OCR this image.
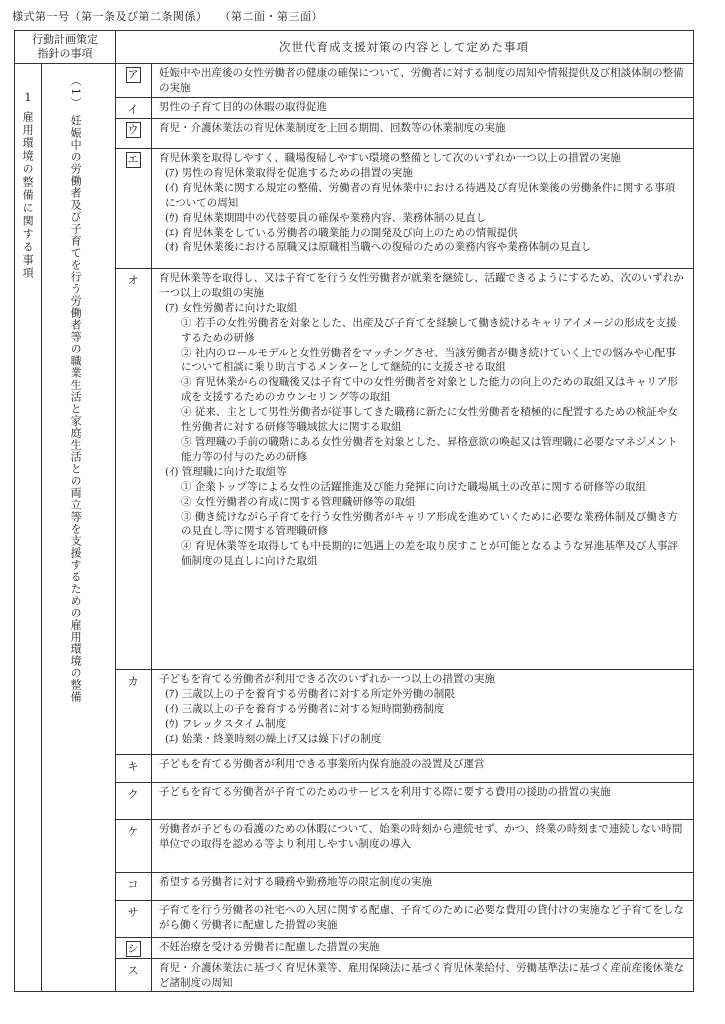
様式第一号（第一条及び第二条関係）　　（第二面・第三面）
行動計画策定
指針の事項	次世代育成支援対策の内容として定めた事項
1
雇用環境の整備に関する事項
（1）
妊娠中の労働者及び子育てを行う労働者等の職業生活と家庭生活との両立等を支援するための雇用環境の整備
ア
イ
ウ
エ
オ
カ
キ
ク
ケ
コ
サ
シ
ス

妊娠中や出産後の女性労働者の健康の確保について、労働者に対する制度の周知や情報提供及び相談体制の整備の実施

男性の子育て目的の休暇の取得促進

育児・介護休業法の育児休業制度を上回る期間、回数等の休業制度の実施

育児休業を取得しやすく、職場復帰しやすい環境の整備として次のいずれか一つ以上の措置の実施

(ｱ) 男性の育児休業取得を促進するための措置の実施

(ｲ) 育児休業に関する規定の整備、労働者の育児休業中における待遇及び育児休業後の労働条件に関する事項についての周知

(ｳ) 育児休業期間中の代替要員の確保や業務内容、業務体制の見直し

(ｴ) 育児休業をしている労働者の職業能力の開発及び向上のための情報提供

(ｵ) 育児休業後における原職又は原職相当職への復帰のための業務内容や業務体制の見直し

育児休業等を取得し、又は子育てを行う女性労働者が就業を継続し、活躍できるようにするため、次のいずれか一つ以上の取組の実施

(ｱ) 女性労働者に向けた取組

① 若手の女性労働者を対象とした、出産及び子育てを経験して働き続けるキャリアイメージの形成を支援するための研修

② 社内のロールモデルと女性労働者をマッチングさせ、当該労働者が働き続けていく上での悩みや心配事について相談に乗り助言するメンターとして継続的に支援させる取組

③ 育児休業からの復職後又は子育て中の女性労働者を対象とした能力の向上のための取組又はキャリア形成を支援するためのカウンセリング等の取組

④ 従来、主として男性労働者が従事してきた職務に新たに女性労働者を積極的に配置するための検証や女性労働者に対する研修等職域拡大に関する取組

⑤ 管理職の手前の職階にある女性労働者を対象とした、昇格意欲の喚起又は管理職に必要なマネジメント能力等の付与のための研修

(ｲ) 管理職に向けた取組等

① 企業トップ等による女性の活躍推進及び能力発揮に向けた職場風土の改革に関する研修等の取組

② 女性労働者の育成に関する管理職研修等の取組

③ 働き続けながら子育てを行う女性労働者がキャリア形成を進めていくために必要な業務体制及び働き方の見直し等に関する管理職研修

④ 育児休業等を取得しても中長期的に処遇上の差を取り戻すことが可能となるような昇進基準及び人事評価制度の見直しに向けた取組

子どもを育てる労働者が利用できる次のいずれか一つ以上の措置の実施

(ｱ) 三歳以上の子を養育する労働者に対する所定外労働の制限

(ｲ) 三歳以上の子を養育する労働者に対する短時間勤務制度

(ｳ) フレックスタイム制度

(ｴ) 始業・終業時刻の繰上げ又は繰下げの制度

子どもを育てる労働者が利用できる事業所内保育施設の設置及び運営

子どもを育てる労働者が子育てのためのサービスを利用する際に要する費用の援助の措置の実施

労働者が子どもの看護のための休暇について、始業の時刻から連続せず、かつ、終業の時刻まで連続しない時間単位での取得を認める等より利用しやすい制度の導入

希望する労働者に対する職務や勤務地等の限定制度の実施

子育てを行う労働者の社宅への入居に関する配慮、子育てのために必要な費用の貸付けの実施など子育てをしながら働く労働者に配慮した措置の実施

不妊治療を受ける労働者に配慮した措置の実施

育児・介護休業法に基づく育児休業等、雇用保険法に基づく育児休業給付、労働基準法に基づく産前産後休業など諸制度の周知
